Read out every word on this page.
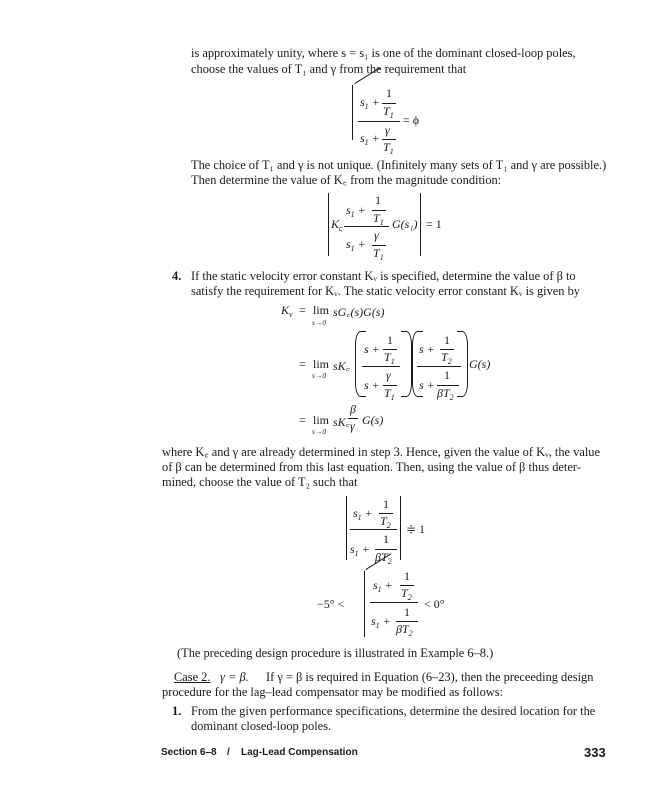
is approximately unity, where s = s₁ is one of the dominant closed-loop poles,
choose the values of T₁ and γ from the requirement that
$s_1$ +
1
$T_1 = \phi$
$s_1$ +
γ
$T_1$
The choice of T₁ and γ is not unique. (Infinitely many sets of T₁ and γ are possible.)
Then determine the value of K꜀ from the magnitude condition:
$K_c$
$s_1$ +
1
$T_1$
$s_1$ +
γ
$T_1$
G(s₁) = 1
4. If the static velocity error constant Kᵥ is specified, determine the value of β to
satisfy the requirement for Kᵥ. The static velocity error constant Kᵥ is given by
$K_v = \lim$
s→0
sG꜀(s)G(s)
= lim
s→0
sK꜀
s +
1
$T_1$
s +
γ
$T_1$
s +
1
$T_2$
s +
1
$\beta T_2$
G(s)
= lim
s→0
sK꜀
β
γ G(s)
where K꜀ and γ are already determined in step 3. Hence, given the value of Kᵥ, the value
of β can be determined from this last equation. Then, using the value of β thus deter-
mined, choose the value of T₂ such that
$s_1$ +
1
$T_2$
$s_1$ +
1
$\beta T_2$
≑ 1
−5° <
$s_1$ +
1
$T_2$
$s_1$ +
1
$\beta T_2$
< 0°
(The preceding design procedure is illustrated in Example 6–8.)
Case 2. γ = β. If γ = β is required in Equation (6–23), then the preceeding design
procedure for the lag–lead compensator may be modified as follows:
1. From the given performance specifications, determine the desired location for the
dominant closed-loop poles.
Section 6–8 / Lag-Lead Compensation	333
